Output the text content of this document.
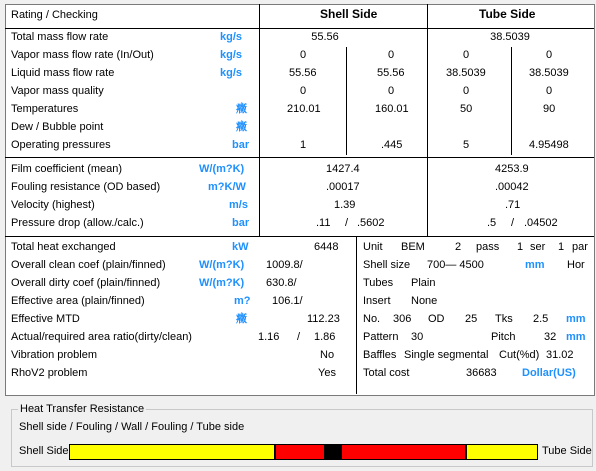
Rating / Checking	Shell Side	Tube Side
Total mass flow rate	kg/s	55.56	38.5039
Vapor mass flow rate (In/Out)	kg/s	0	0	0	0
Liquid mass flow rate	kg/s	55.56	55.56	38.5039	38.5039
Vapor mass quality	0	0	0	0
Temperatures	癥	210.01	160.01	50	90
Dew / Bubble point	癥
Operating pressures	bar	1	.445	5	4.95498
Film coefficient (mean)	W/(m?K)	1427.4	4253.9
Fouling resistance (OD based)	m?K/W	.00017	.00042
Velocity (highest)	m/s	1.39	.71
Pressure drop (allow./calc.)	bar	.11 / .5602	.5 / .04502
Total heat exchanged	kW	6448
Overall clean coef (plain/finned)	W/(m?K) 1009.8/
Overall dirty coef (plain/finned)	W/(m?K) 630.8/
Effective area (plain/finned)	m? 106.1/
Effective MTD	癥	112.23
Actual/required area ratio(dirty/clean)	1.16 / 1.86
Vibration problem	No
RhoV2 problem	Yes
Unit BEM	2 pass 1 ser 1 par
Shell size 700— 4500	mm Hor
Tubes Plain
Insert None
No. 306 OD 25 Tks 2.5 mm
Pattern 30	Pitch	32 mm
Baffles Single segmental Cut(%d) 31.02
Total cost	36683 Dollar(US)
Heat Transfer Resistance
Shell side / Fouling / Wall / Fouling / Tube side
Shell Side	Tube Side
